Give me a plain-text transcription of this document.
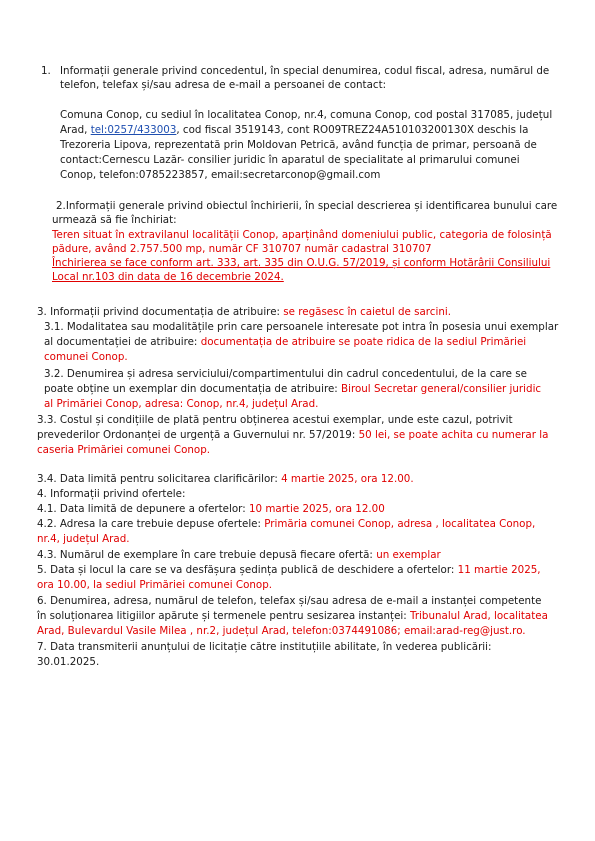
1. Informații generale privind concedentul, în special denumirea, codul fiscal, adresa, numărul de
telefon, telefax și/sau adresa de e-mail a persoanei de contact:
Comuna Conop, cu sediul în localitatea Conop, nr.4, comuna Conop, cod postal 317085, județul
Arad, tel:0257/433003, cod fiscal 3519143, cont RO09TREZ24A510103200130X deschis la
Trezoreria Lipova, reprezentată prin Moldovan Petrică, având funcția de primar, persoană de
contact:Cernescu Lazăr- consilier juridic în aparatul de specialitate al primarului comunei
Conop, telefon:0785223857, email:secretarconop@gmail.com
2.Informații generale privind obiectul închirierii, în special descrierea și identificarea bunului care
urmează să fie închiriat:
Teren situat în extravilanul localității Conop, aparținând domeniului public, categoria de folosință
pădure, având 2.757.500 mp, număr CF 310707 număr cadastral 310707
Închirierea se face conform art. 333, art. 335 din O.U.G. 57/2019, și conform Hotărârii Consiliului
Local nr.103 din data de 16 decembrie 2024.
3. Informații privind documentația de atribuire: se regăsesc în caietul de sarcini.
3.1. Modalitatea sau modalitățile prin care persoanele interesate pot intra în posesia unui exemplar
al documentației de atribuire: documentația de atribuire se poate ridica de la sediul Primăriei
comunei Conop.
3.2. Denumirea și adresa serviciului/compartimentului din cadrul concedentului, de la care se
poate obține un exemplar din documentația de atribuire: Biroul Secretar general/consilier juridic
al Primăriei Conop, adresa: Conop, nr.4, județul Arad.
3.3. Costul și condițiile de plată pentru obținerea acestui exemplar, unde este cazul, potrivit
prevederilor Ordonanței de urgență a Guvernului nr. 57/2019: 50 lei, se poate achita cu numerar la
caseria Primăriei comunei Conop.
3.4. Data limită pentru solicitarea clarificărilor: 4 martie 2025, ora 12.00.
4. Informații privind ofertele:
4.1. Data limită de depunere a ofertelor: 10 martie 2025, ora 12.00
4.2. Adresa la care trebuie depuse ofertele: Primăria comunei Conop, adresa , localitatea Conop,
nr.4, județul Arad.
4.3. Numărul de exemplare în care trebuie depusă fiecare ofertă: un exemplar
5. Data și locul la care se va desfășura ședința publică de deschidere a ofertelor: 11 martie 2025,
ora 10.00, la sediul Primăriei comunei Conop.
6. Denumirea, adresa, numărul de telefon, telefax și/sau adresa de e-mail a instanței competente
în soluționarea litigiilor apărute și termenele pentru sesizarea instanței: Tribunalul Arad, localitatea
Arad, Bulevardul Vasile Milea , nr.2, județul Arad, telefon:0374491086; email:arad-reg@just.ro.
7. Data transmiterii anunțului de licitație către instituțiile abilitate, în vederea publicării:
30.01.2025.
